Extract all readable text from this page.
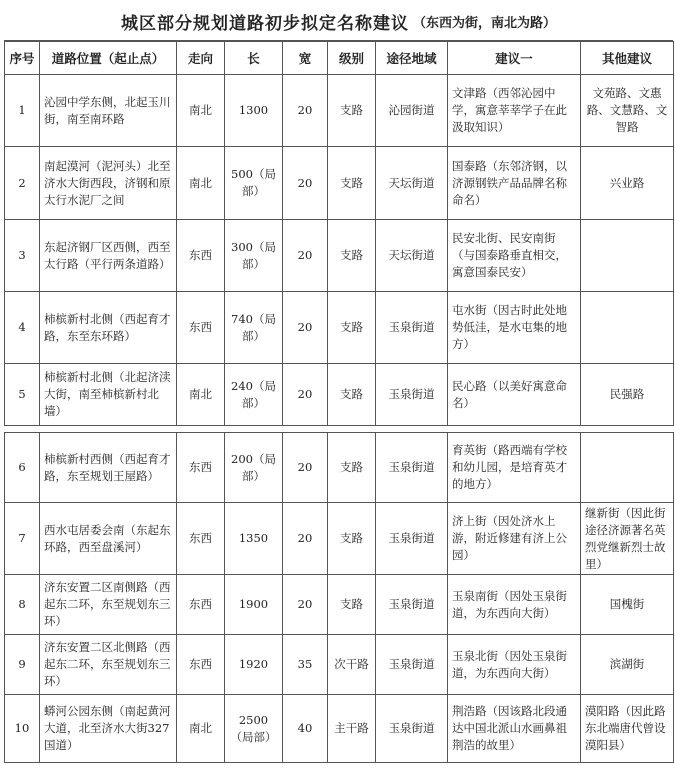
城区部分规划道路初步拟定名称建议 （东西为街，南北为路）
序号	道路位置（起止点）	走向	长	宽	级别	途径地域	建议一	其他建议
1	沁园中学东侧，北起玉川街，南至南环路	南北	1300	20	支路	沁园街道	文津路（西邻沁园中学，寓意莘莘学子在此汲取知识）	文苑路、文惠路、文慧路、文智路
2	南起漠河（泥河头）北至济水大街西段，济钢和原太行水泥厂之间	南北	500（局部）	20	支路	天坛街道	国泰路（东邻济钢，以济源钢铁产品品牌名称命名）	兴业路
3	东起济钢厂区西侧，西至太行路（平行两条道路）	东西	300（局部）	20	支路	天坛街道	民安北街、民安南街（与国泰路垂直相交，寓意国泰民安）	
4	柿槟新村北侧（西起育才路，东至东环路）	东西	740（局部）	20	支路	玉泉街道	屯水街（因古时此处地势低洼，是水屯集的地方）	
5	柿槟新村北侧（北起济渎大街，南至柿槟新村北墙）	南北	240（局部）	20	支路	玉泉街道	民心路（以美好寓意命名）	民强路

6	柿槟新村西侧（西起育才路，东至规划王屋路）	东西	200（局部）	20	支路	玉泉街道	育英街（路西端有学校和幼儿园，是培育英才的地方）	
7	西水屯居委会南（东起东环路，西至盘溪河）	东西	1350	20	支路	玉泉街道	济上街（因处济水上游，附近修建有济上公园）	继新街（因此街途径济源著名英烈党继新烈士故里）
8	济东安置二区南侧路（西起东二环，东至规划东三环）	东西	1900	20	支路	玉泉街道	玉泉南街（因处玉泉街道，为东西向大街）	国槐街
9	济东安置二区北侧路（西起东二环，东至规划东三环）	东西	1920	35	次干路	玉泉街道	玉泉北街（因处玉泉街道，为东西向大街）	滨湖街
10	蟒河公园东侧（南起黄河大道，北至济水大街327国道）	南北	2500（局部）	40	主干路	玉泉街道	荆浩路（因该路北段通达中国北派山水画鼻祖荆浩的故里）	漠阳路（因此路东北端唐代曾设漠阳县）
